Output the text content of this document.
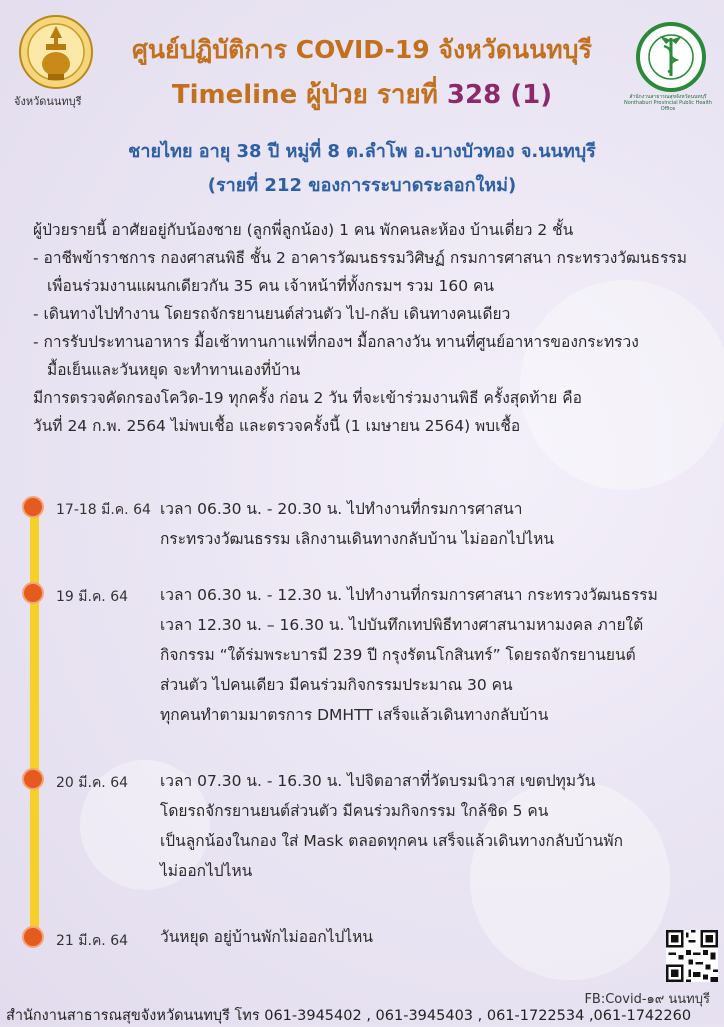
จังหวัดนนทบุรี	สำนักงานสาธารณสุขจังหวัดนนทบุรี Nonthaburi Provincial Public Health Office
ศูนย์ปฏิบัติการ COVID-19 จังหวัดนนทบุรี
Timeline ผู้ป่วย รายที่ 328 (1)
ชายไทย อายุ 38 ปี หมู่ที่ 8 ต.ลำโพ อ.บางบัวทอง จ.นนทบุรี
(รายที่ 212 ของการระบาดระลอกใหม่)

ผู้ป่วยรายนี้ อาศัยอยู่กับน้องชาย (ลูกพี่ลูกน้อง) 1 คน พักคนละห้อง บ้านเดี่ยว 2 ชั้น

- อาชีพข้าราชการ กองศาสนพิธี ชั้น 2 อาคารวัฒนธรรมวิศิษฏ์ กรมการศาสนา กระทรวงวัฒนธรรม

เพื่อนร่วมงานแผนกเดียวกัน 35 คน เจ้าหน้าที่ทั้งกรมฯ รวม 160 คน

- เดินทางไปทำงาน โดยรถจักรยานยนต์ส่วนตัว ไป-กลับ เดินทางคนเดียว

- การรับประทานอาหาร มื้อเช้าทานกาแฟที่กองฯ มื้อกลางวัน ทานที่ศูนย์อาหารของกระทรวง

มื้อเย็นและวันหยุด จะทำทานเองที่บ้าน

มีการตรวจคัดกรองโควิด-19 ทุกครั้ง ก่อน 2 วัน ที่จะเข้าร่วมงานพิธี ครั้งสุดท้าย คือ

วันที่ 24 ก.พ. 2564 ไม่พบเชื้อ และตรวจครั้งนี้ (1 เมษายน 2564) พบเชื้อ

17-18 มี.ค. 64 เวลา 06.30 น. - 20.30 น. ไปทำงานที่กรมการศาสนา

กระทรวงวัฒนธรรม เลิกงานเดินทางกลับบ้าน ไม่ออกไปไหน

19 มี.ค. 64 เวลา 06.30 น. - 12.30 น. ไปทำงานที่กรมการศาสนา กระทรวงวัฒนธรรม

เวลา 12.30 น. – 16.30 น. ไปบันทึกเทปพิธีทางศาสนามหามงคล ภายใต้

กิจกรรม “ใต้ร่มพระบารมี 239 ปี กรุงรัตนโกสินทร์” โดยรถจักรยานยนต์

ส่วนตัว ไปคนเดียว มีคนร่วมกิจกรรมประมาณ 30 คน

ทุกคนทำตามมาตรการ DMHTT เสร็จแล้วเดินทางกลับบ้าน

20 มี.ค. 64 เวลา 07.30 น. - 16.30 น. ไปจิตอาสาที่วัดบรมนิวาส เขตปทุมวัน

โดยรถจักรยานยนต์ส่วนตัว มีคนร่วมกิจกรรม ใกล้ชิด 5 คน

เป็นลูกน้องในกอง ใส่ Mask ตลอดทุกคน เสร็จแล้วเดินทางกลับบ้านพัก

ไม่ออกไปไหน

21 มี.ค. 64 วันหยุด อยู่บ้านพักไม่ออกไปไหน

FB:Covid-๑๙ นนทบุรี
สำนักงานสาธารณสุขจังหวัดนนทบุรี โทร 061-3945402 , 061-3945403 , 061-1722534 ,061-1742260
